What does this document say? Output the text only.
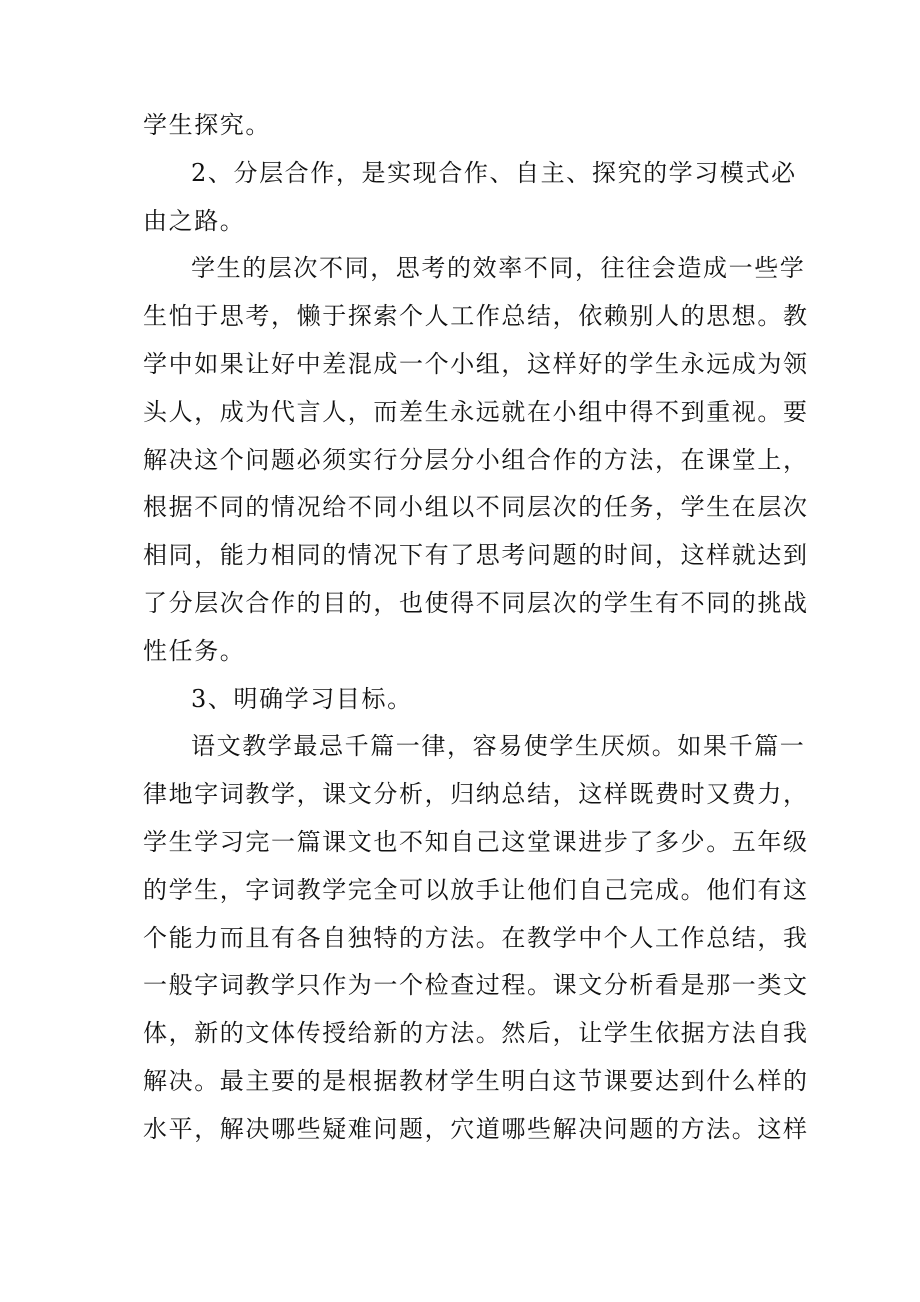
学生探究。
2、分层合作，是实现合作、自主、探究的学习模式必
由之路。
学生的层次不同，思考的效率不同，往往会造成一些学
生怕于思考，懒于探索个人工作总结，依赖别人的思想。教
学中如果让好中差混成一个小组，这样好的学生永远成为领
头人，成为代言人，而差生永远就在小组中得不到重视。要
解决这个问题必须实行分层分小组合作的方法，在课堂上，
根据不同的情况给不同小组以不同层次的任务，学生在层次
相同，能力相同的情况下有了思考问题的时间，这样就达到
了分层次合作的目的，也使得不同层次的学生有不同的挑战
性任务。
3、明确学习目标。
语文教学最忌千篇一律，容易使学生厌烦。如果千篇一
律地字词教学，课文分析，归纳总结，这样既费时又费力，
学生学习完一篇课文也不知自己这堂课进步了多少。五年级
的学生，字词教学完全可以放手让他们自己完成。他们有这
个能力而且有各自独特的方法。在教学中个人工作总结，我
一般字词教学只作为一个检查过程。课文分析看是那一类文
体，新的文体传授给新的方法。然后，让学生依据方法自我
解决。最主要的是根据教材学生明白这节课要达到什么样的
水平，解决哪些疑难问题，穴道哪些解决问题的方法。这样
